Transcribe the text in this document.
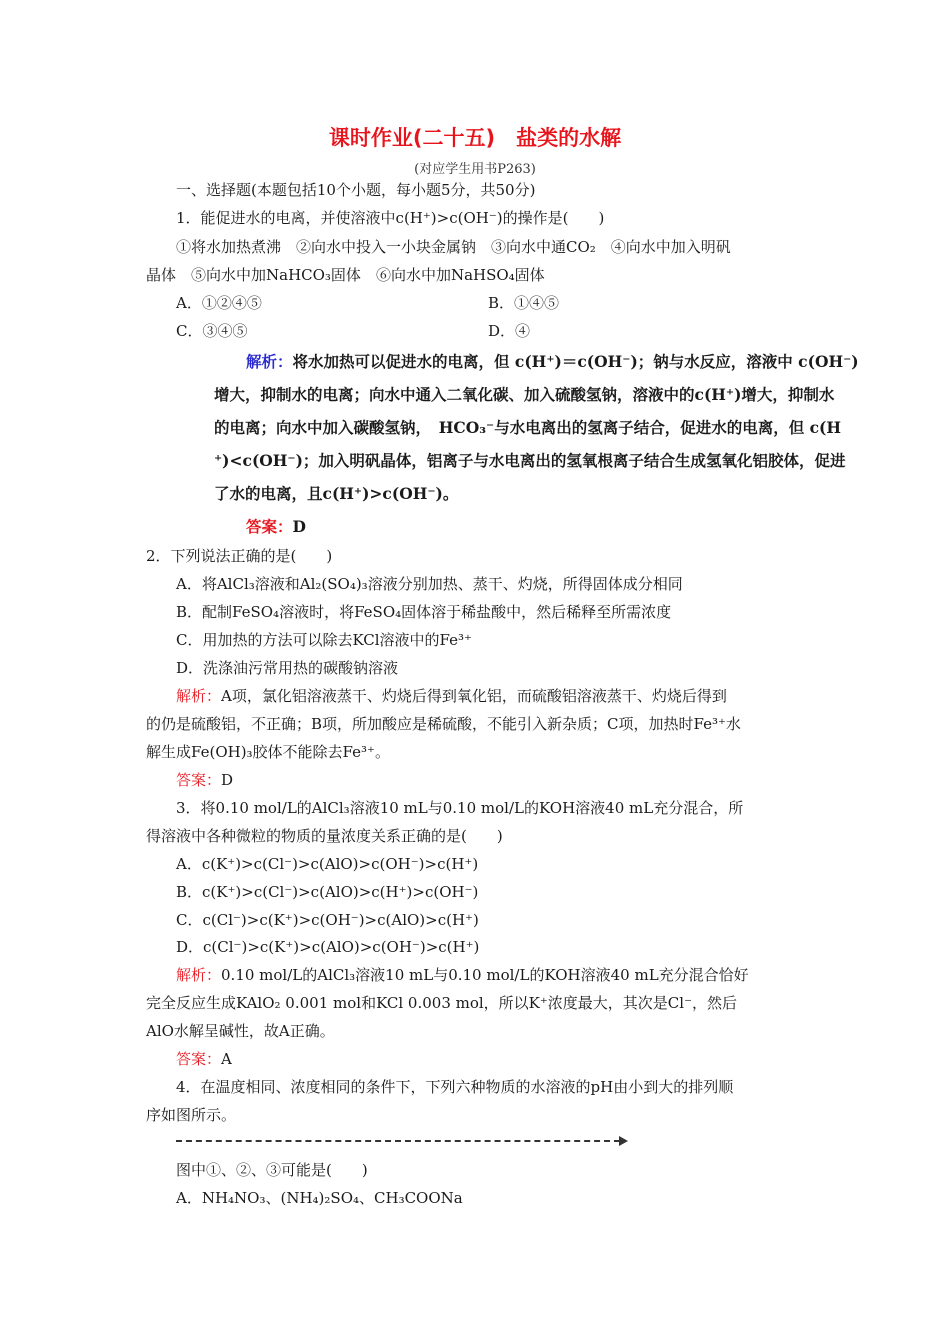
课时作业(二十五)　盐类的水解
(对应学生用书P263)
一、选择题(本题包括10个小题，每小题5分，共50分)
1．能促进水的电离，并使溶液中c(H⁺)>c(OH⁻)的操作是(　　)
①将水加热煮沸　②向水中投入一小块金属钠　③向水中通CO₂　④向水中加入明矾
晶体　⑤向水中加NaHCO₃固体　⑥向水中加NaHSO₄固体
A．①②④⑤	B．①④⑤
C．③④⑤	D．④
解析：将水加热可以促进水的电离，但 c(H⁺)＝c(OH⁻)；钠与水反应，溶液中 c(OH⁻)
增大，抑制水的电离；向水中通入二氧化碳、加入硫酸氢钠，溶液中的c(H⁺)增大，抑制水
的电离；向水中加入碳酸氢钠，　HCO₃⁻与水电离出的氢离子结合，促进水的电离，但 c(H
⁺)<c(OH⁻)；加入明矾晶体，铝离子与水电离出的氢氧根离子结合生成氢氧化铝胶体，促进
了水的电离，且c(H⁺)>c(OH⁻)。
答案：D
2．下列说法正确的是(　　)
A．将AlCl₃溶液和Al₂(SO₄)₃溶液分别加热、蒸干、灼烧，所得固体成分相同
B．配制FeSO₄溶液时，将FeSO₄固体溶于稀盐酸中，然后稀释至所需浓度
C．用加热的方法可以除去KCl溶液中的Fe³⁺
D．洗涤油污常用热的碳酸钠溶液
解析：A项，氯化铝溶液蒸干、灼烧后得到氧化铝，而硫酸铝溶液蒸干、灼烧后得到
的仍是硫酸铝，不正确；B项，所加酸应是稀硫酸，不能引入新杂质；C项，加热时Fe³⁺水
解生成Fe(OH)₃胶体不能除去Fe³⁺。
答案：D
3．将0.10 mol/L的AlCl₃溶液10 mL与0.10 mol/L的KOH溶液40 mL充分混合，所
得溶液中各种微粒的物质的量浓度关系正确的是(　　)
A．c(K⁺)>c(Cl⁻)>c(AlO)>c(OH⁻)>c(H⁺)
B．c(K⁺)>c(Cl⁻)>c(AlO)>c(H⁺)>c(OH⁻)
C．c(Cl⁻)>c(K⁺)>c(OH⁻)>c(AlO)>c(H⁺)
D．c(Cl⁻)>c(K⁺)>c(AlO)>c(OH⁻)>c(H⁺)
解析：0.10 mol/L的AlCl₃溶液10 mL与0.10 mol/L的KOH溶液40 mL充分混合恰好
完全反应生成KAlO₂ 0.001 mol和KCl 0.003 mol，所以K⁺浓度最大，其次是Cl⁻，然后
AlO水解呈碱性，故A正确。
答案：A
4．在温度相同、浓度相同的条件下，下列六种物质的水溶液的pH由小到大的排列顺
序如图所示。
图中①、②、③可能是(　　)
A．NH₄NO₃、(NH₄)₂SO₄、CH₃COONa
